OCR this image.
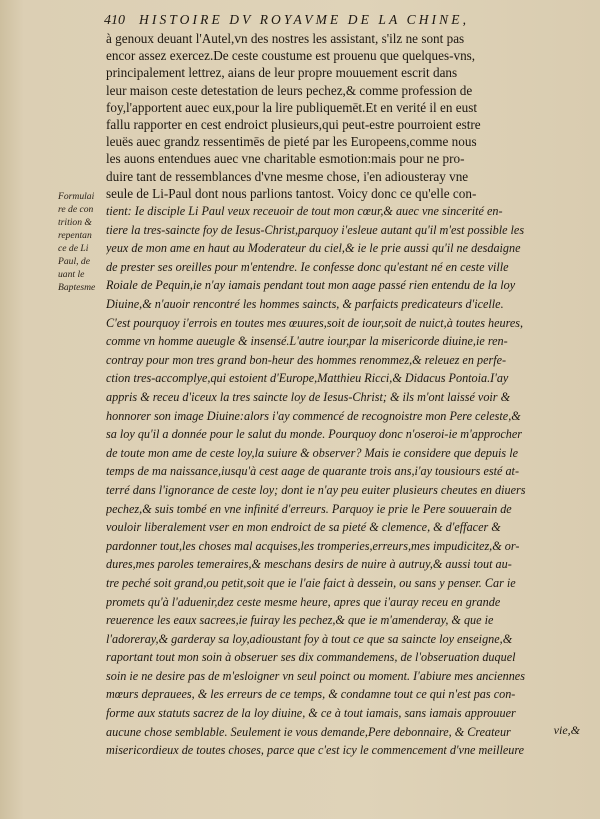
410 HISTOIRE DV ROYAVME DE LA CHINE,
Formulai
re de con
trition &
repentan
ce de Li
Paul, de
uant le
Baptesme
à genoux deuant l'Autel,vn des nostres les assistant, s'ilz ne sont pas
encor assez exercez.De ceste coustume est prouenu que quelques-vns,
principalement lettrez, aians de leur propre mouuement escrit dans
leur maison ceste detestation de leurs pechez,& comme profession de
foy,l'apportent auec eux,pour la lire publiquemēt.Et en verité il en eust
fallu rapporter en cest endroict plusieurs,qui peut-estre pourroient estre
leuës auec grandz ressentimēs de pieté par les Europeens,comme nous
les auons entendues auec vne charitable esmotion:mais pour ne pro-
duire tant de ressemblances d'vne mesme chose, i'en adiousteray vne
seule de Li-Paul dont nous parlions tantost. Voicy donc ce qu'elle con-
tient: Ie disciple Li Paul veux receuoir de tout mon cœur,& auec vne sincerité en-
tiere la tres-saincte foy de Iesus-Christ,parquoy i'esleue autant qu'il m'est possible les
yeux de mon ame en haut au Moderateur du ciel,& ie le prie aussi qu'il ne desdaigne
de prester ses oreilles pour m'entendre. Ie confesse donc qu'estant né en ceste ville
Roiale de Pequin,ie n'ay iamais pendant tout mon aage passé rien entendu de la loy
Diuine,& n'auoir rencontré les hommes saincts, & parfaicts predicateurs d'icelle.
C'est pourquoy i'errois en toutes mes œuures,soit de iour,soit de nuict,à toutes heures,
comme vn homme aueugle & insensé.L'autre iour,par la misericorde diuine,ie ren-
contray pour mon tres grand bon-heur des hommes renommez,& releuez en perfe-
ction tres-accomplye,qui estoient d'Europe,Matthieu Ricci,& Didacus Pontoia.I'ay
appris & receu d'iceux la tres saincte loy de Iesus-Christ; & ils m'ont laissé voir &
honnorer son image Diuine:alors i'ay commencé de recognoistre mon Pere celeste,&
sa loy qu'il a donnée pour le salut du monde. Pourquoy donc n'oseroi-ie m'approcher
de toute mon ame de ceste loy,la suiure & observer? Mais ie considere que depuis le
temps de ma naissance,iusqu'à cest aage de quarante trois ans,i'ay tousiours esté at-
terré dans l'ignorance de ceste loy; dont ie n'ay peu euiter plusieurs cheutes en diuers
pechez,& suis tombé en vne infinité d'erreurs. Parquoy ie prie le Pere souuerain de
vouloir liberalement vser en mon endroict de sa pieté & clemence, & d'effacer &
pardonner tout,les choses mal acquises,les tromperies,erreurs,mes impudicitez,& or-
dures,mes paroles temeraires,& meschans desirs de nuire à autruy,& aussi tout au-
tre peché soit grand,ou petit,soit que ie l'aie faict à dessein, ou sans y penser. Car ie
promets qu'à l'aduenir,dez ceste mesme heure, apres que i'auray receu en grande
reuerence les eaux sacrees,ie fuiray les pechez,& que ie m'amenderay, & que ie
l'adoreray,& garderay sa loy,adioustant foy à tout ce que sa saincte loy enseigne,&
raportant tout mon soin à obseruer ses dix commandemens, de l'obseruation duquel
soin ie ne desire pas de m'esloigner vn seul poinct ou moment. I'abiure mes anciennes
mœurs deprauees, & les erreurs de ce temps, & condamne tout ce qui n'est pas con-
forme aux statuts sacrez de la loy diuine, & ce à tout iamais, sans iamais approuuer
aucune chose semblable. Seulement ie vous demande,Pere debonnaire, & Createur
misericordieux de toutes choses, parce que c'est icy le commencement d'vne meilleure
vie,&
